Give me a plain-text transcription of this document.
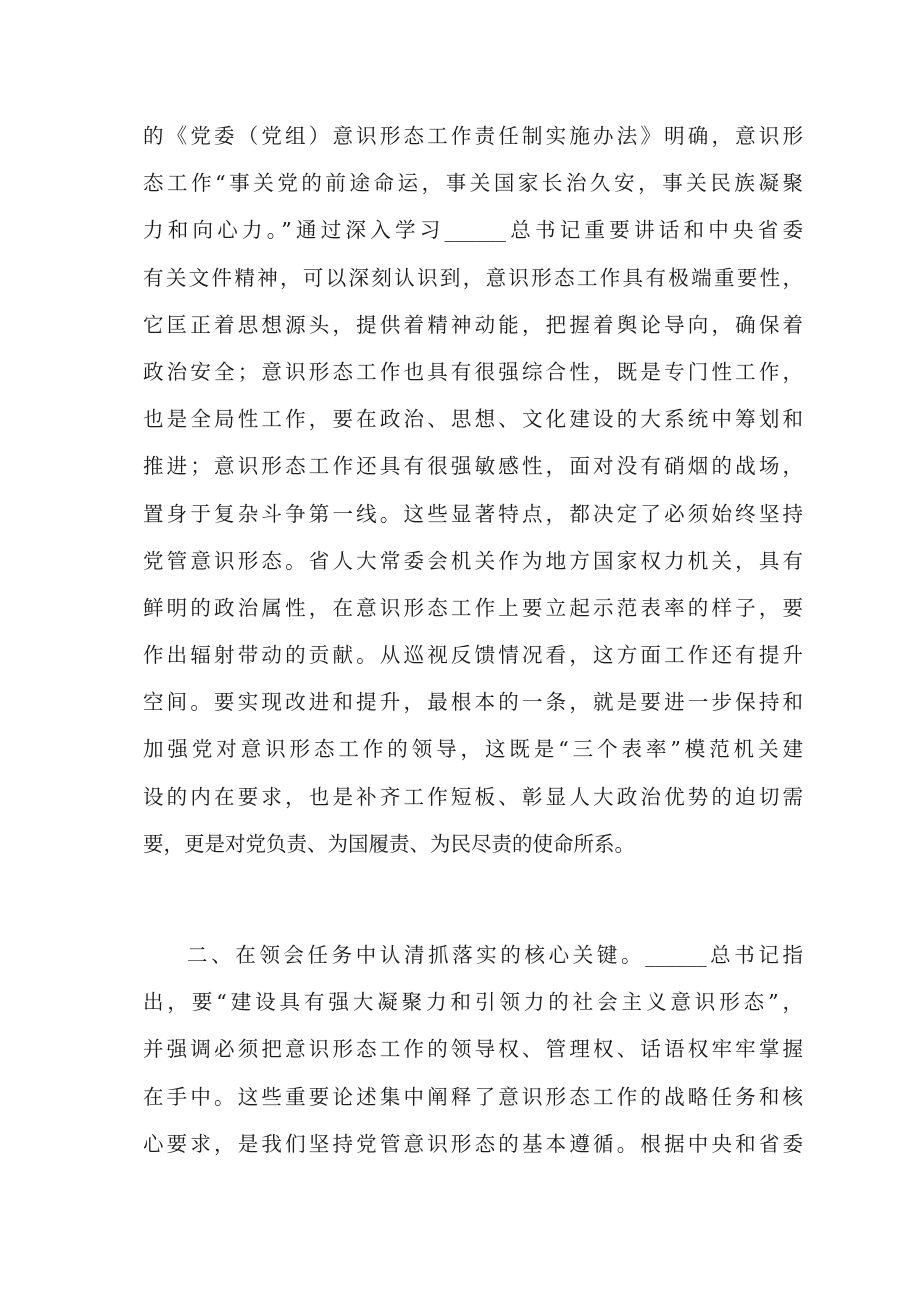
的《党委（党组）意识形态工作责任制实施办法》明确，意识形
态工作“事关党的前途命运，事关国家长治久安，事关民族凝聚
力和向心力。”通过深入学习______总书记重要讲话和中央省委
有关文件精神，可以深刻认识到，意识形态工作具有极端重要性，
它匡正着思想源头，提供着精神动能，把握着舆论导向，确保着
政治安全；意识形态工作也具有很强综合性，既是专门性工作，
也是全局性工作，要在政治、思想、文化建设的大系统中筹划和
推进；意识形态工作还具有很强敏感性，面对没有硝烟的战场，
置身于复杂斗争第一线。这些显著特点，都决定了必须始终坚持
党管意识形态。省人大常委会机关作为地方国家权力机关，具有
鲜明的政治属性，在意识形态工作上要立起示范表率的样子，要
作出辐射带动的贡献。从巡视反馈情况看，这方面工作还有提升
空间。要实现改进和提升，最根本的一条，就是要进一步保持和
加强党对意识形态工作的领导，这既是“三个表率”模范机关建
设的内在要求，也是补齐工作短板、彰显人大政治优势的迫切需
要，更是对党负责、为国履责、为民尽责的使命所系。
二、在领会任务中认清抓落实的核心关键。______总书记指
出，要“建设具有强大凝聚力和引领力的社会主义意识形态”，
并强调必须把意识形态工作的领导权、管理权、话语权牢牢掌握
在手中。这些重要论述集中阐释了意识形态工作的战略任务和核
心要求，是我们坚持党管意识形态的基本遵循。根据中央和省委
